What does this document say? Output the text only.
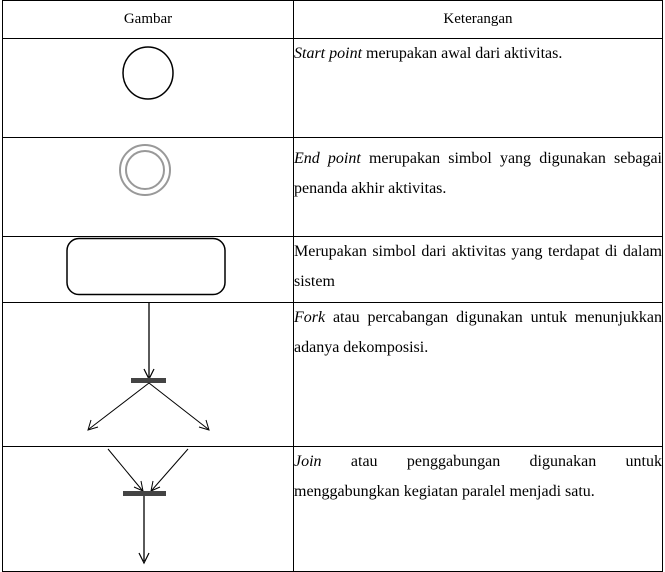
Gambar	Keterangan

	Start point merupakan awal dari aktivitas.

	End point merupakan simbol yang digunakan sebagai penanda akhir aktivitas.

	Merupakan simbol dari aktivitas yang terdapat di dalam sistem

	Fork atau percabangan digunakan untuk menunjukkan adanya dekomposisi.

	Join atau penggabungan digunakan untuk menggabungkan kegiatan paralel menjadi satu.
